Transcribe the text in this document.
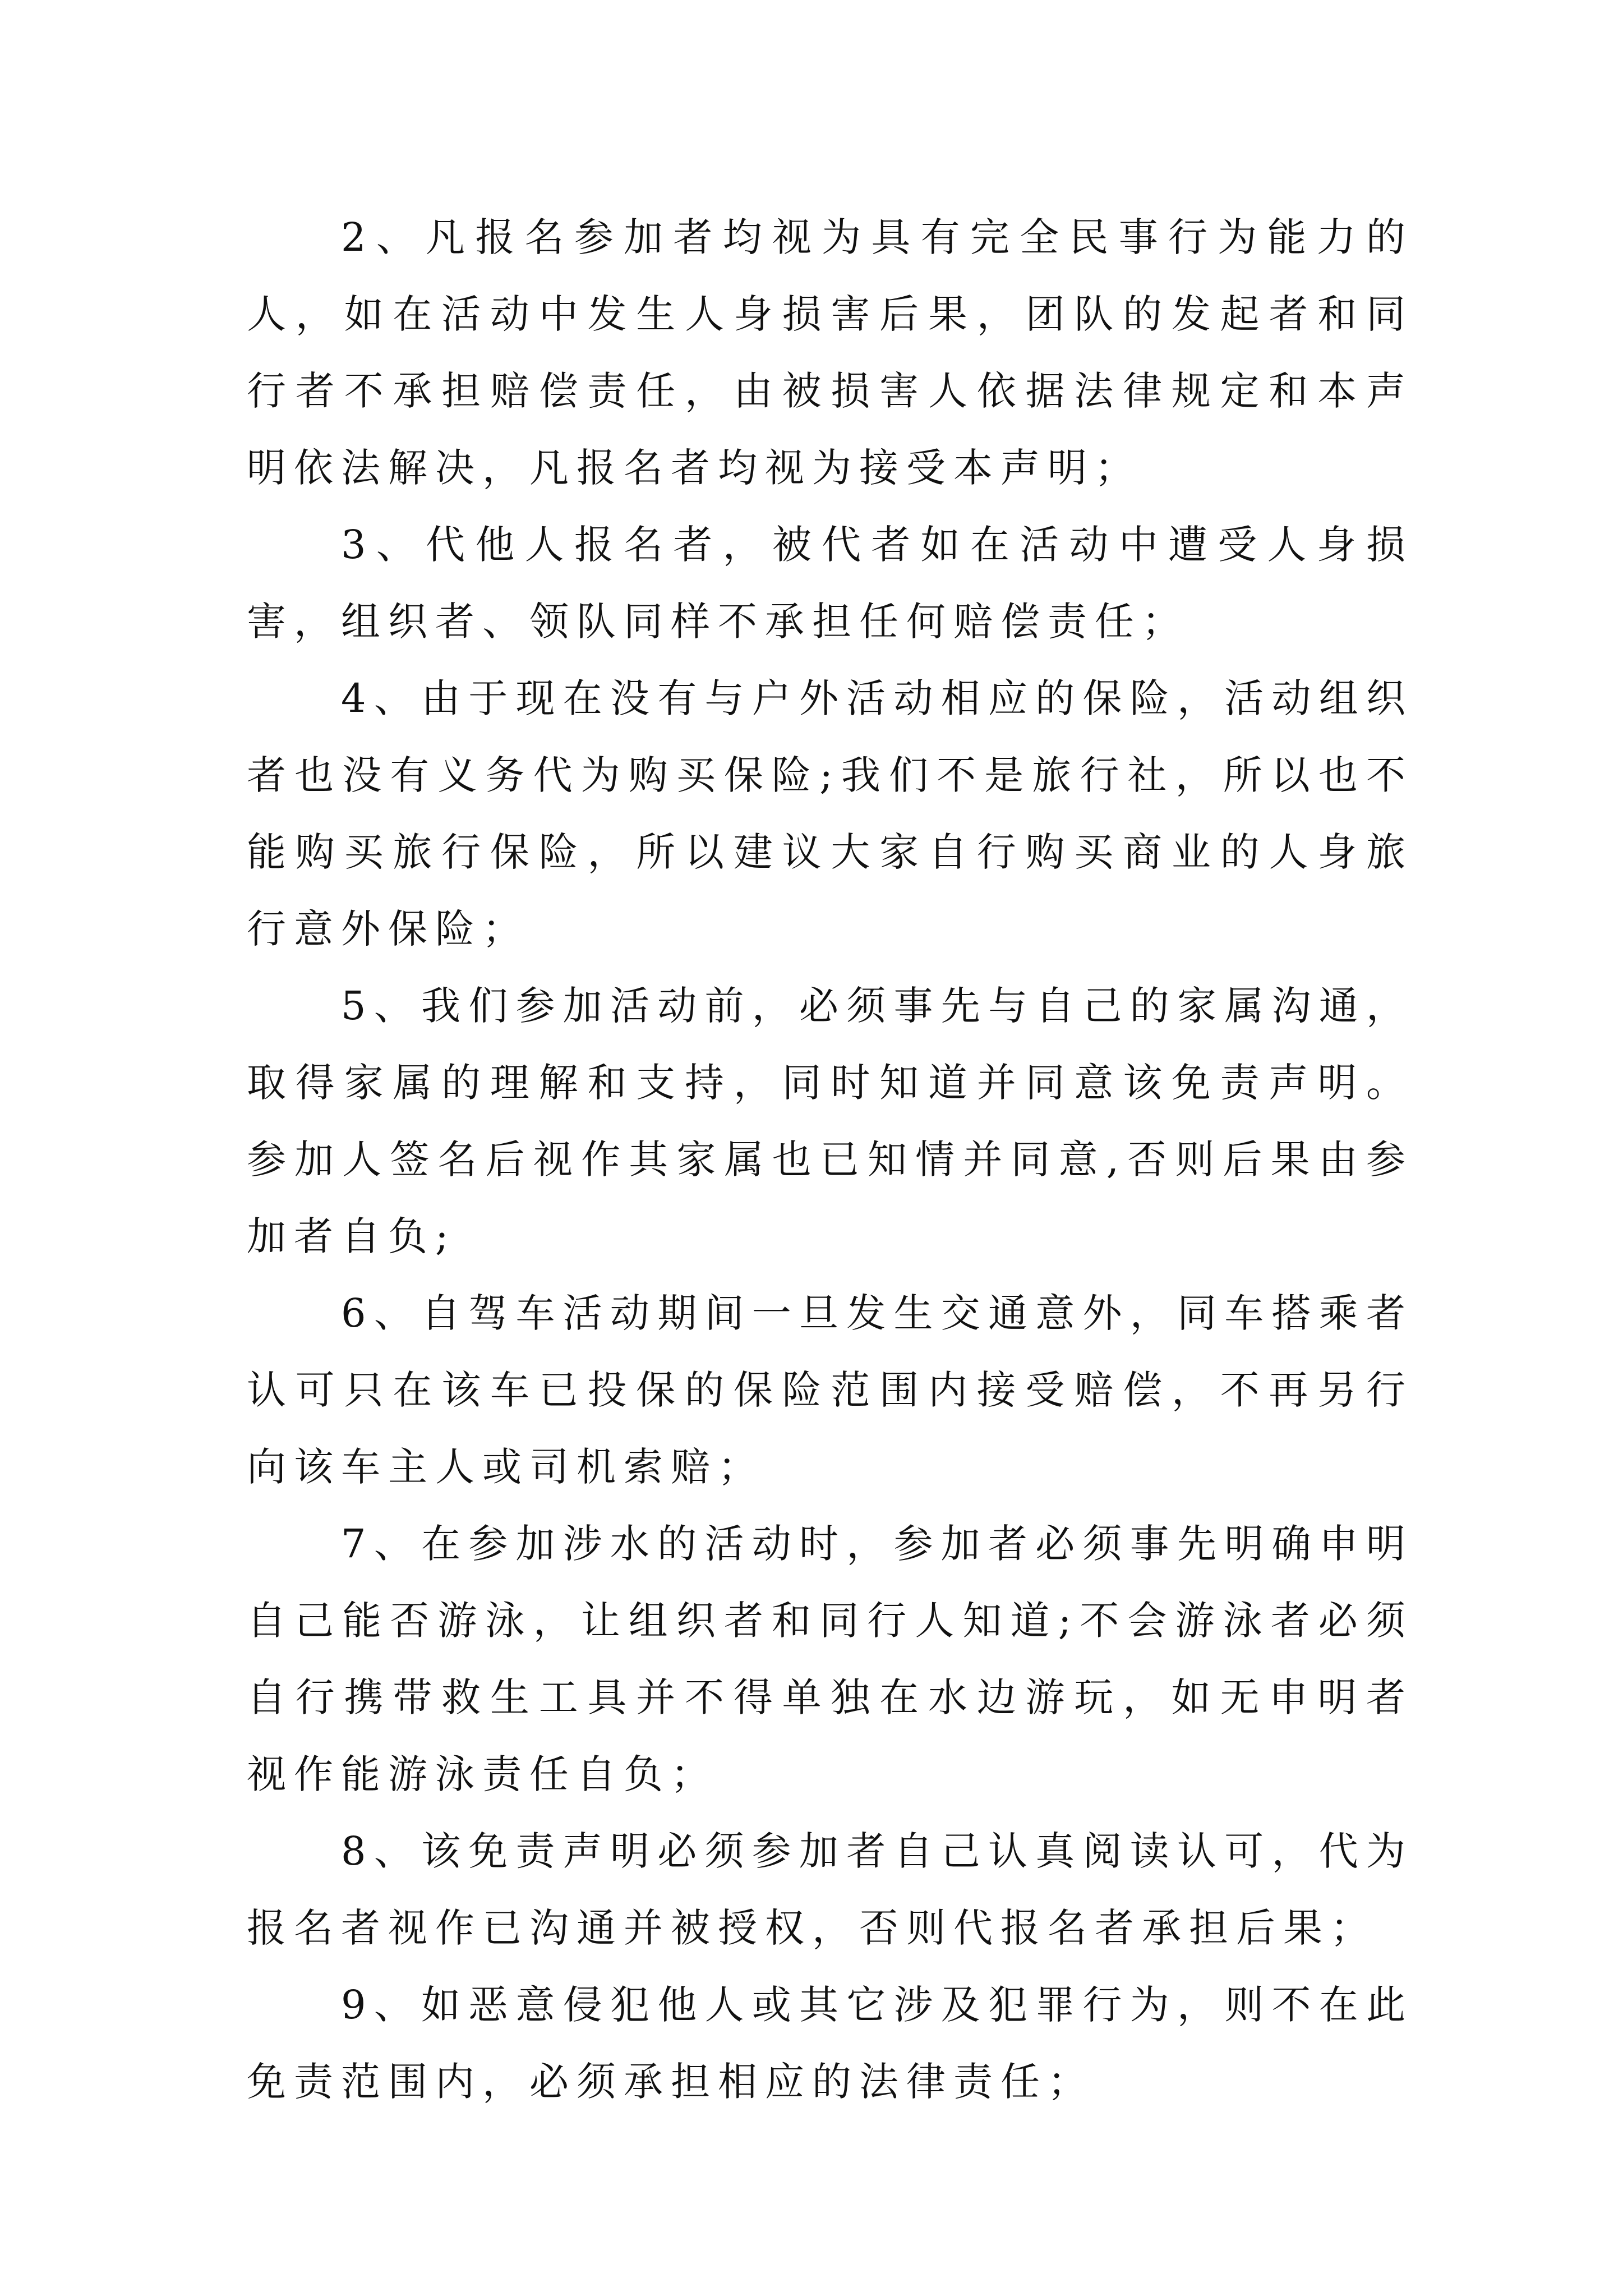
2、凡报名参加者均视为具有完全民事行为能力的人，如在活动中发生人身损害后果，团队的发起者和同行者不承担赔偿责任，由被损害人依据法律规定和本声明依法解决，凡报名者均视为接受本声明；

3、代他人报名者，被代者如在活动中遭受人身损害，组织者、领队同样不承担任何赔偿责任；

4、由于现在没有与户外活动相应的保险，活动组织者也没有义务代为购买保险;我们不是旅行社，所以也不能购买旅行保险，所以建议大家自行购买商业的人身旅行意外保险；

5、我们参加活动前，必须事先与自己的家属沟通，取得家属的理解和支持，同时知道并同意该免责声明。参加人签名后视作其家属也已知情并同意,否则后果由参加者自负;

6、自驾车活动期间一旦发生交通意外，同车搭乘者认可只在该车已投保的保险范围内接受赔偿，不再另行向该车主人或司机索赔；

7、在参加涉水的活动时，参加者必须事先明确申明自己能否游泳，让组织者和同行人知道;不会游泳者必须自行携带救生工具并不得单独在水边游玩，如无申明者视作能游泳责任自负；

8、该免责声明必须参加者自己认真阅读认可，代为报名者视作已沟通并被授权，否则代报名者承担后果；

9、如恶意侵犯他人或其它涉及犯罪行为，则不在此免责范围内，必须承担相应的法律责任；
